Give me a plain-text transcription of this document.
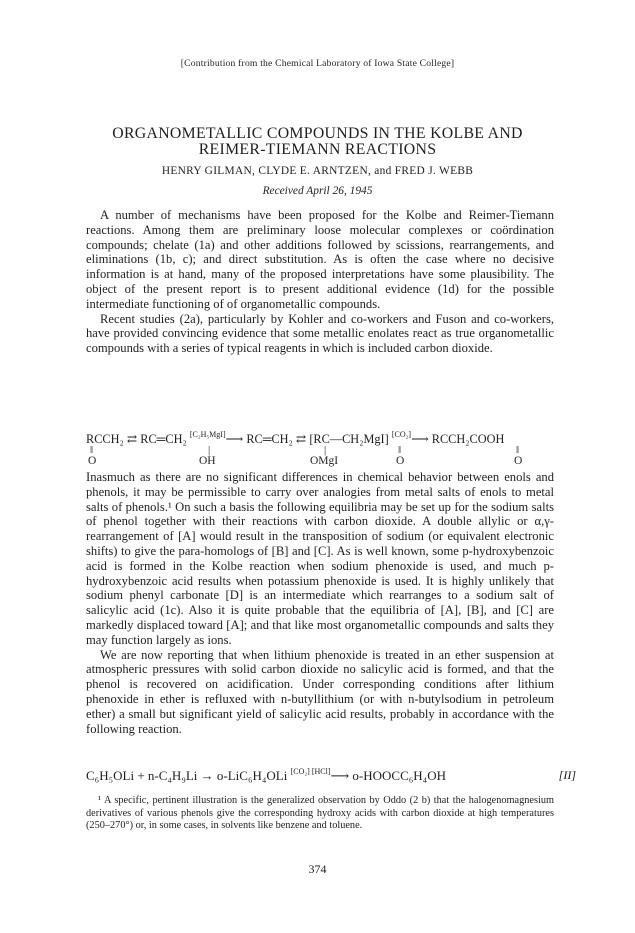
[Contribution from the Chemical Laboratory of Iowa State College]
ORGANOMETALLIC COMPOUNDS IN THE KOLBE AND
REIMER-TIEMANN REACTIONS
HENRY GILMAN, CLYDE E. ARNTZEN, and FRED J. WEBB
Received April 26, 1945

A number of mechanisms have been proposed for the Kolbe and Reimer-Tiemann reactions. Among them are preliminary loose molecular complexes or coördination compounds; chelate (1a) and other additions followed by scissions, rearrangements, and eliminations (1b, c); and direct substitution. As is often the case where no decisive information is at hand, many of the proposed interpretations have some plausibility. The object of the present report is to present additional evidence (1d) for the possible intermediate functioning of of organometallic compounds.

Recent studies (2a), particularly by Kohler and co-workers and Fuson and co-workers, have provided convincing evidence that some metallic enolates react as true organometallic compounds with a series of typical reagents in which is included carbon dioxide.

RCCH₂ ⇄ RC═CH₂ [C₂H₅MgI]⟶ RC═CH₂ ⇄ [RC—CH₂MgI] [CO₂]⟶ RCCH₂COOH
‖	|	|	‖	‖
O	OH	OMgI	O	O

Inasmuch as there are no significant differences in chemical behavior between enols and phenols, it may be permissible to carry over analogies from metal salts of enols to metal salts of phenols.¹ On such a basis the following equilibria may be set up for the sodium salts of phenol together with their reactions with carbon dioxide. A double allylic or α,γ-rearrangement of [A] would result in the transposition of sodium (or equivalent electronic shifts) to give the para-homologs of [B] and [C]. As is well known, some p-hydroxybenzoic acid is formed in the Kolbe reaction when sodium phenoxide is used, and much p-hydroxybenzoic acid results when potassium phenoxide is used. It is highly unlikely that sodium phenyl carbonate [D] is an intermediate which rearranges to a sodium salt of salicylic acid (1c). Also it is quite probable that the equilibria of [A], [B], and [C] are markedly displaced toward [A]; and that like most organometallic compounds and salts they may function largely as ions.

We are now reporting that when lithium phenoxide is treated in an ether suspension at atmospheric pressures with solid carbon dioxide no salicylic acid is formed, and that the phenol is recovered on acidification. Under corresponding conditions after lithium phenoxide in ether is refluxed with n-butyllithium (or with n-butylsodium in petroleum ether) a small but significant yield of salicylic acid results, probably in accordance with the following reaction.

C₆H₅OLi + n-C₄H₉Li → o-LiC₆H₄OLi [CO₂] [HCl]⟶ o-HOOCC₆H₄OH	[II]

¹ A specific, pertinent illustration is the generalized observation by Oddo (2 b) that the halogenomagnesium derivatives of various phenols give the corresponding hydroxy acids with carbon dioxide at high temperatures (250–270°) or, in some cases, in solvents like benzene and toluene.

374
